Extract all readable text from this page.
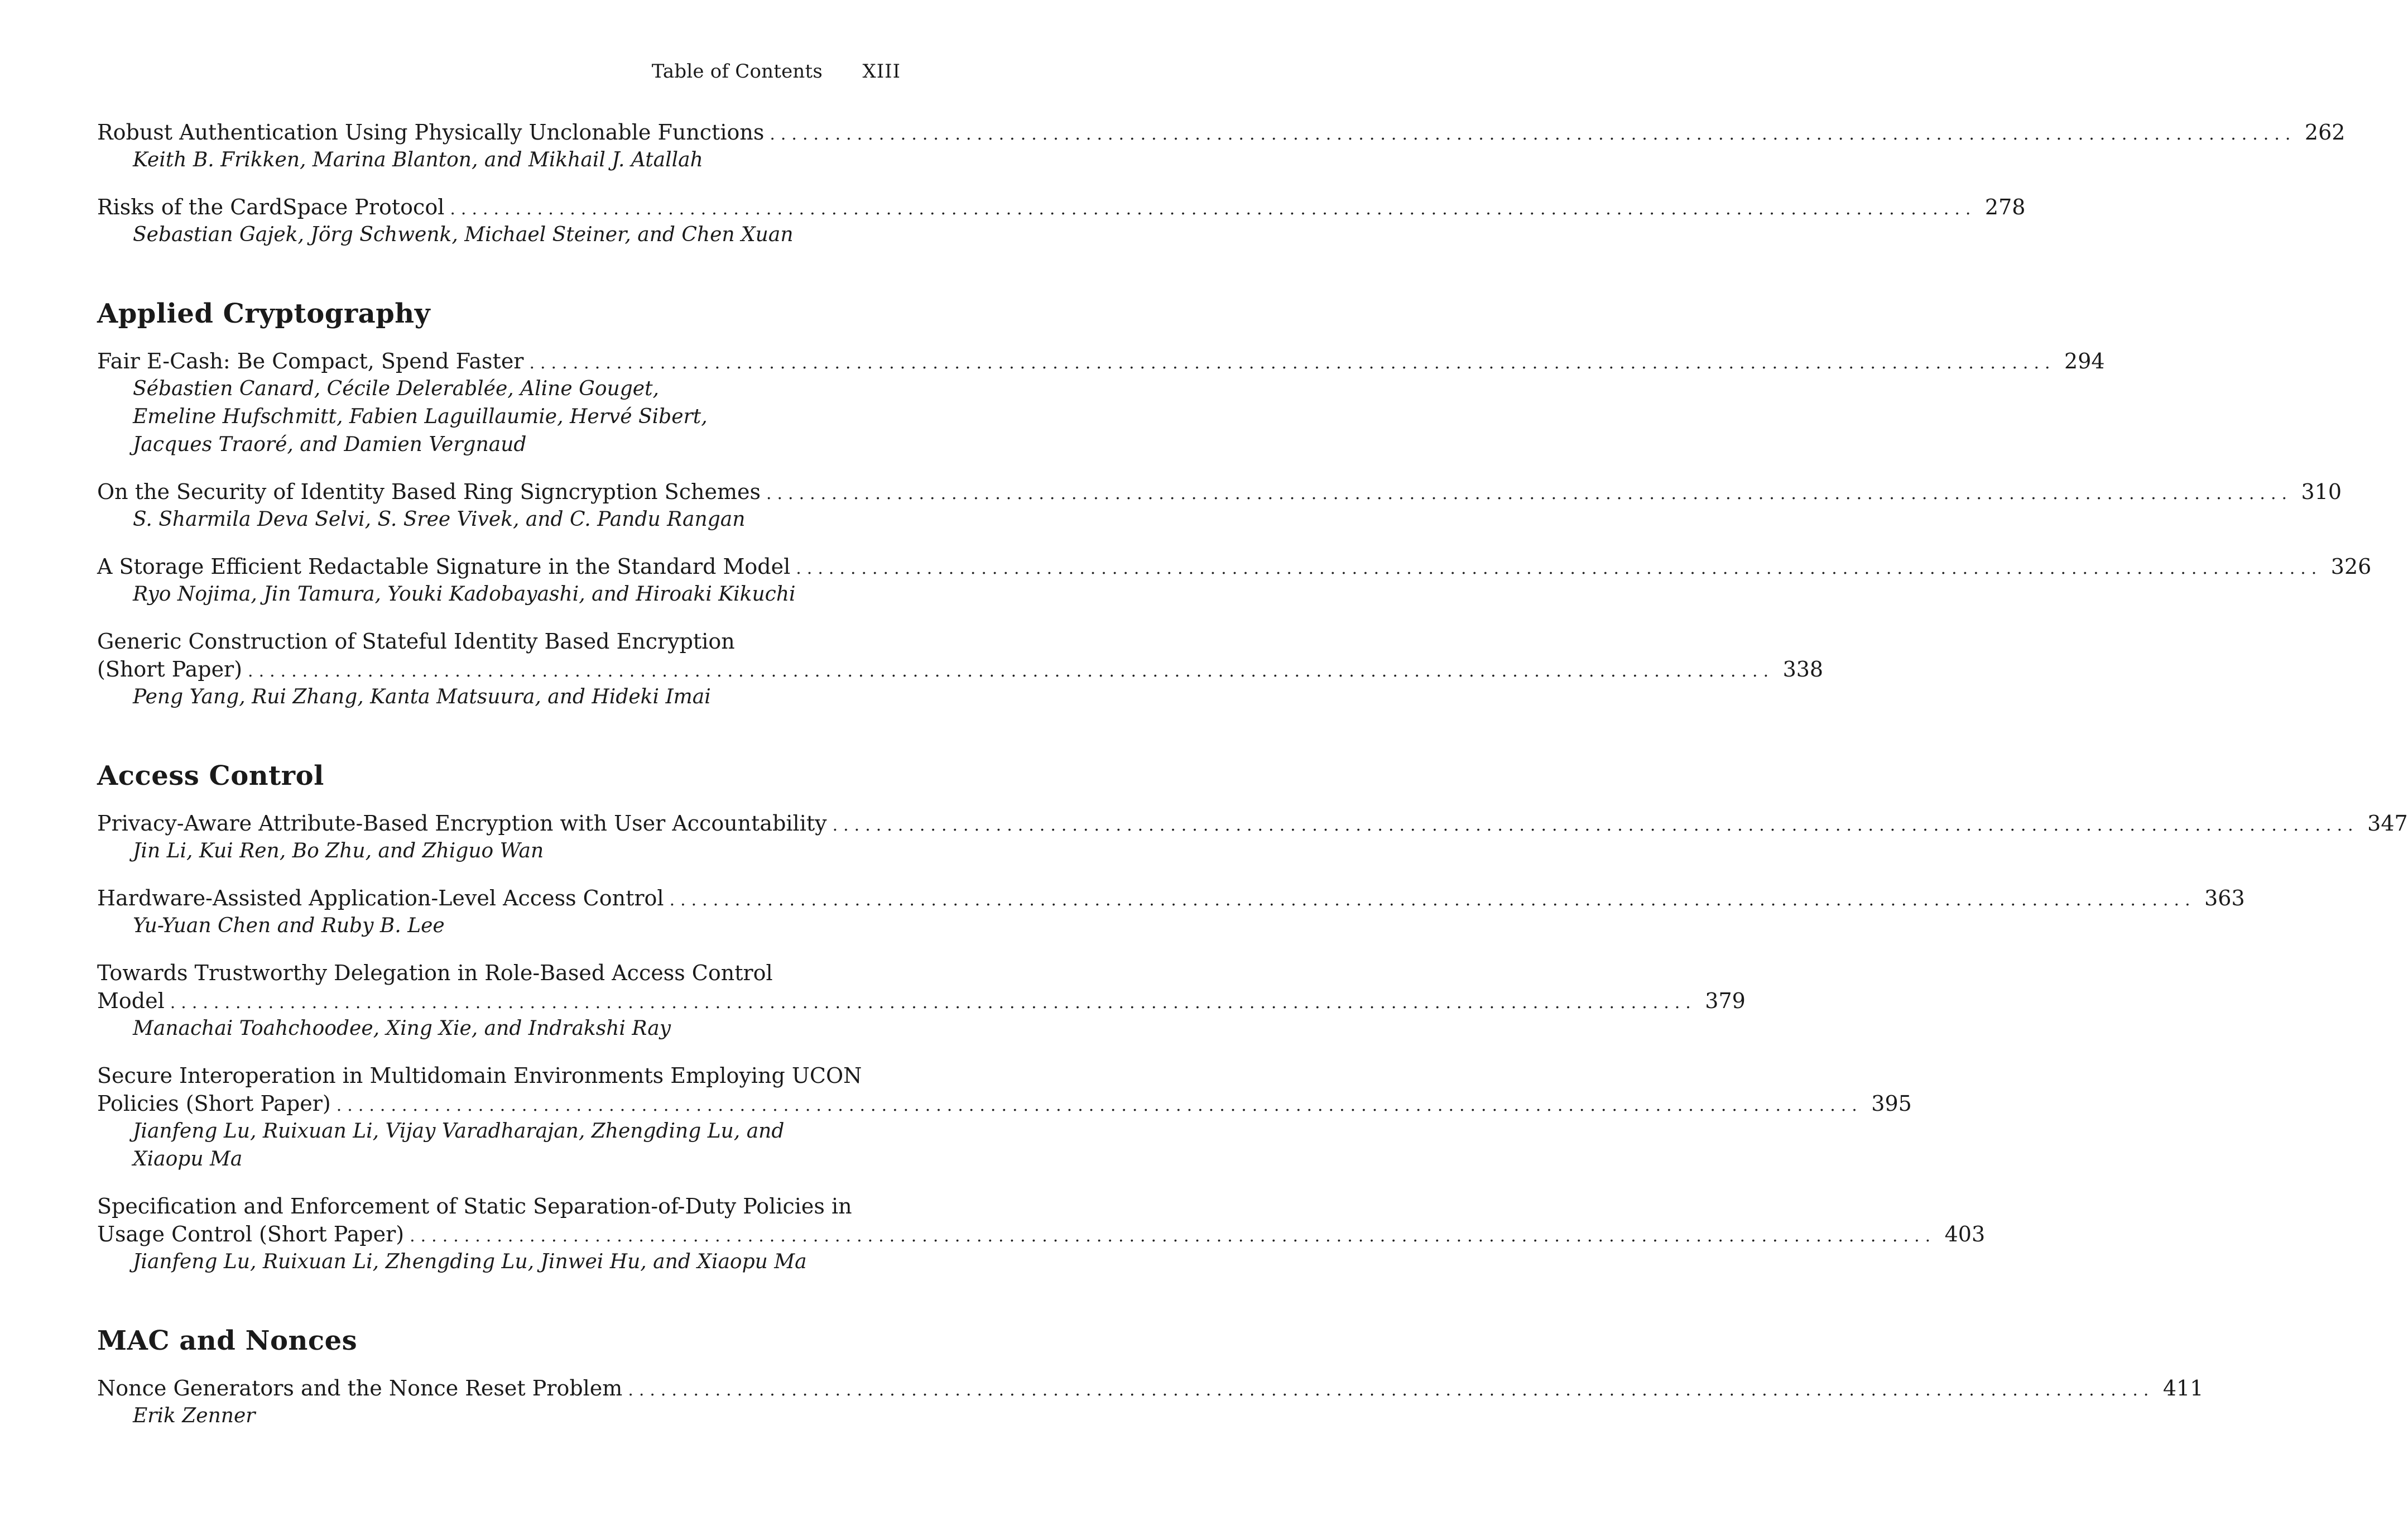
Table of Contents XIII
Robust Authentication Using Physically Unclonable Functions ............................................................................................................................................ 262
Keith B. Frikken, Marina Blanton, and Mikhail J. Atallah
Risks of the CardSpace Protocol ............................................................................................................................................ 278
Sebastian Gajek, Jörg Schwenk, Michael Steiner, and Chen Xuan
Applied Cryptography
Fair E-Cash: Be Compact, Spend Faster ............................................................................................................................................ 294
Sébastien Canard, Cécile Delerablée, Aline Gouget,
Emeline Hufschmitt, Fabien Laguillaumie, Hervé Sibert,
Jacques Traoré, and Damien Vergnaud
On the Security of Identity Based Ring Signcryption Schemes ............................................................................................................................................ 310
S. Sharmila Deva Selvi, S. Sree Vivek, and C. Pandu Rangan
A Storage Efficient Redactable Signature in the Standard Model ............................................................................................................................................ 326
Ryo Nojima, Jin Tamura, Youki Kadobayashi, and Hiroaki Kikuchi
Generic Construction of Stateful Identity Based Encryption
(Short Paper) ............................................................................................................................................ 338
Peng Yang, Rui Zhang, Kanta Matsuura, and Hideki Imai
Access Control
Privacy-Aware Attribute-Based Encryption with User Accountability ............................................................................................................................................ 347
Jin Li, Kui Ren, Bo Zhu, and Zhiguo Wan
Hardware-Assisted Application-Level Access Control ............................................................................................................................................ 363
Yu-Yuan Chen and Ruby B. Lee
Towards Trustworthy Delegation in Role-Based Access Control
Model ............................................................................................................................................ 379
Manachai Toahchoodee, Xing Xie, and Indrakshi Ray
Secure Interoperation in Multidomain Environments Employing UCON
Policies (Short Paper) ............................................................................................................................................ 395
Jianfeng Lu, Ruixuan Li, Vijay Varadharajan, Zhengding Lu, and
Xiaopu Ma
Specification and Enforcement of Static Separation-of-Duty Policies in
Usage Control (Short Paper) ............................................................................................................................................ 403
Jianfeng Lu, Ruixuan Li, Zhengding Lu, Jinwei Hu, and Xiaopu Ma
MAC and Nonces
Nonce Generators and the Nonce Reset Problem ............................................................................................................................................ 411
Erik Zenner
